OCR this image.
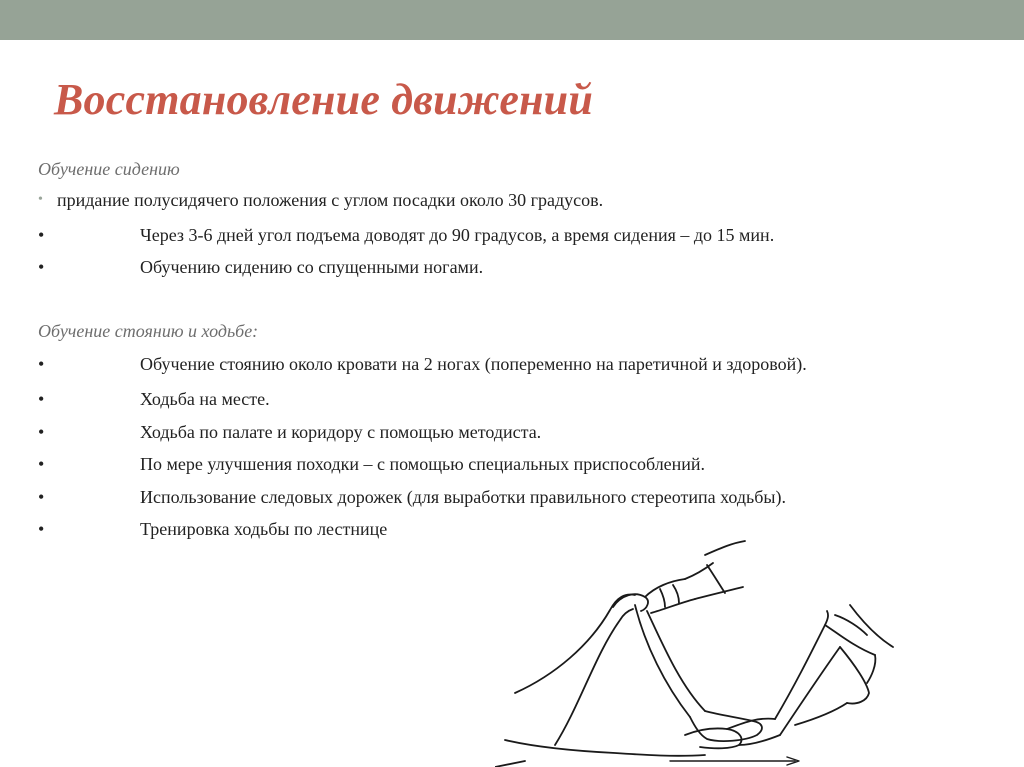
Восстановление движений

Обучение сидению

• придание полусидячего положения с углом посадки около 30 градусов.
•	Через 3-6 дней угол подъема доводят до 90 градусов, а время сидения – до 15 мин.
•	Обучению сидению со спущенными ногами.

Обучение стоянию и ходьбе:

•	Обучение стоянию около кровати на 2 ногах (попеременно на паретичной и здоровой).
•	Ходьба на месте.
•	Ходьба по палате и коридору с помощью методиста.
•	По мере улучшения походки – с помощью специальных приспособлений.
•	Использование следовых дорожек (для выработки правильного стереотипа ходьбы).
•	Тренировка ходьбы по лестнице
